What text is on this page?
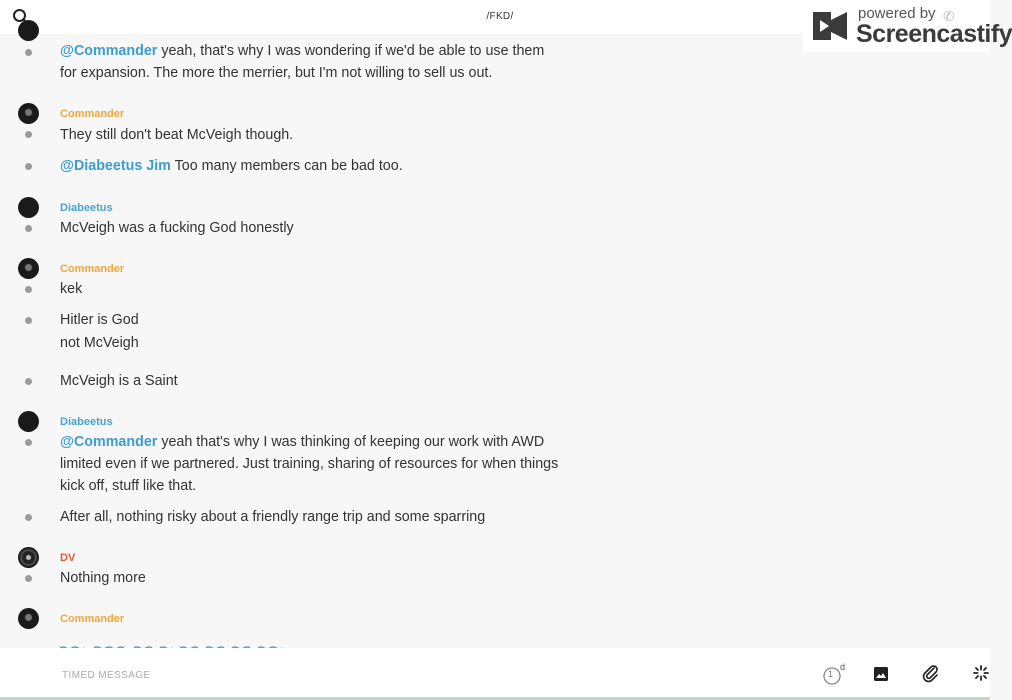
/FKD/	powered by
Screencastify
✆
@Commander yeah, that's why I was wondering if we'd be able to use them for expansion. The more the merrier, but I'm not willing to sell us out.
Commander
They still don't beat McVeigh though.
@Diabeetus Jim Too many members can be bad too.
Diabeetus
McVeigh was a fucking God honestly
Commander
kek
Hitler is God
not McVeigh
McVeigh is a Saint
Diabeetus
@Commander yeah that's why I was thinking of keeping our work with AWD limited even if we partnered. Just training, sharing of resources for when things kick off, stuff like that.
After all, nothing risky about a friendly range trip and some sparring
DV
Nothing more
Commander
TIMED MESSAGE
1
d
